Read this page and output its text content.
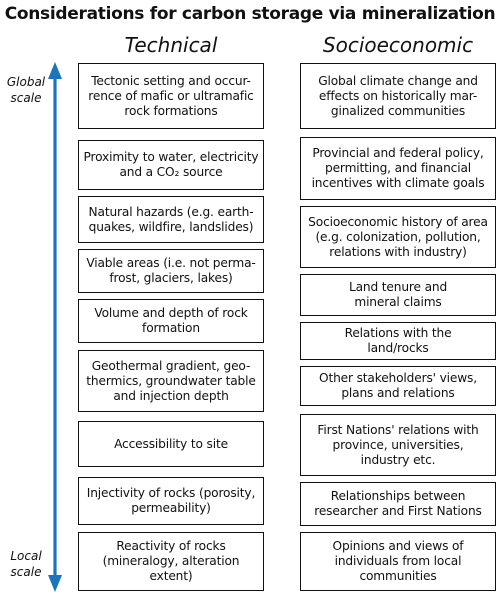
Considerations for carbon storage via mineralization
Technical	Socioeconomic
Global
scale
Local
scale
Tectonic setting and occur-
rence of mafic or ultramafic
rock formations
Proximity to water, electricity
and a CO₂ source
Natural hazards (e.g. earth-
quakes, wildfire, landslides)
Viable areas (i.e. not perma-
frost, glaciers, lakes)
Volume and depth of rock
formation
Geothermal gradient, geo-
thermics, groundwater table
and injection depth
Accessibility to site
Injectivity of rocks (porosity,
permeability)
Reactivity of rocks
(mineralogy, alteration
extent)
Global climate change and
effects on historically mar-
ginalized communities
Provincial and federal policy,
permitting, and financial
incentives with climate goals
Socioeconomic history of area
(e.g. colonization, pollution,
relations with industry)
Land tenure and
mineral claims
Relations with the
land/rocks
Other stakeholders' views,
plans and relations
First Nations' relations with
province, universities,
industry etc.
Relationships between
researcher and First Nations
Opinions and views of
individuals from local
communities
